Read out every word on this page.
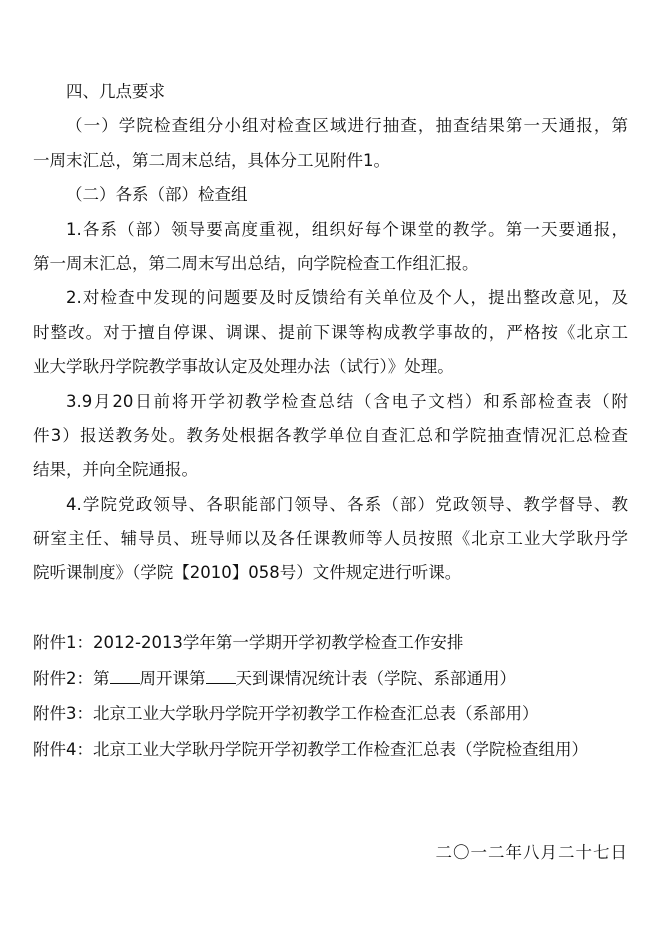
四、几点要求
（一）学院检查组分小组对检查区域进行抽查，抽查结果第一天通报，第
一周末汇总，第二周末总结，具体分工见附件1。
（二）各系（部）检查组
1.各系（部）领导要高度重视，组织好每个课堂的教学。第一天要通报，
第一周末汇总，第二周末写出总结，向学院检查工作组汇报。
2.对检查中发现的问题要及时反馈给有关单位及个人，提出整改意见，及
时整改。对于擅自停课、调课、提前下课等构成教学事故的，严格按《北京工
业大学耿丹学院教学事故认定及处理办法（试行）》处理。
3.9月20日前将开学初教学检查总结（含电子文档）和系部检查表（附
件3）报送教务处。教务处根据各教学单位自查汇总和学院抽查情况汇总检查
结果，并向全院通报。
4.学院党政领导、各职能部门领导、各系（部）党政领导、教学督导、教
研室主任、辅导员、班导师以及各任课教师等人员按照《北京工业大学耿丹学
院听课制度》（学院【2010】058号）文件规定进行听课。
附件1：2012-2013学年第一学期开学初教学检查工作安排
附件2：第 周开课第 天到课情况统计表（学院、系部通用）
附件3：北京工业大学耿丹学院开学初教学工作检查汇总表（系部用）
附件4：北京工业大学耿丹学院开学初教学工作检查汇总表（学院检查组用）
二〇一二年八月二十七日
